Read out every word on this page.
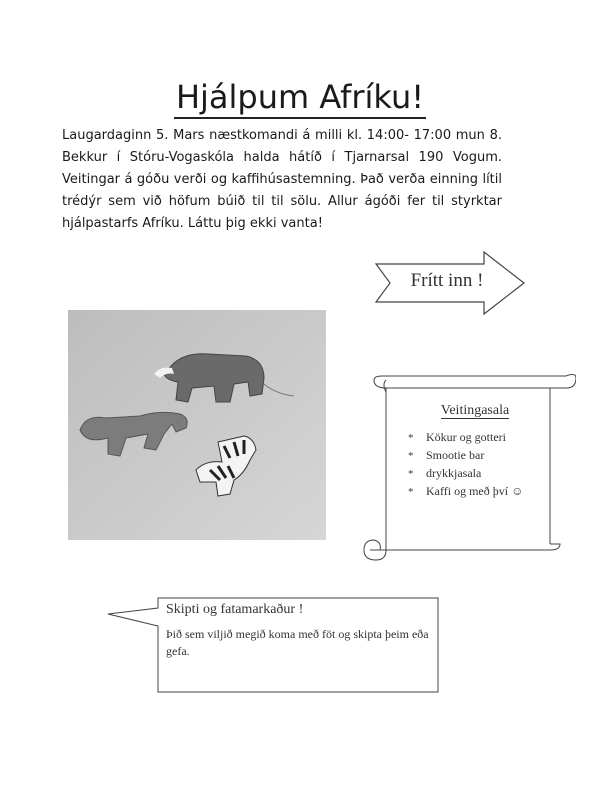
Hjálpum Afríku!
Laugardaginn 5. Mars næstkomandi á milli kl. 14:00- 17:00 mun 8. Bekkur í Stóru-Vogaskóla halda hátíð í Tjarnarsal 190 Vogum. Veitingar á góðu verði og kaffihúsastemning. Það verða einning lítil trédýr sem við höfum búið til til sölu. Allur ágóði fer til styrktar hjálpastarfs Afríku. Láttu þig ekki vanta!
Frítt inn !
Veitingasala
* Kökur og gotteri
* Smootie bar
* drykkjasala
* Kaffi og með því ☺
Skipti og fatamarkaður !
Þið sem viljið megið koma með föt og skipta þeim eða gefa.
